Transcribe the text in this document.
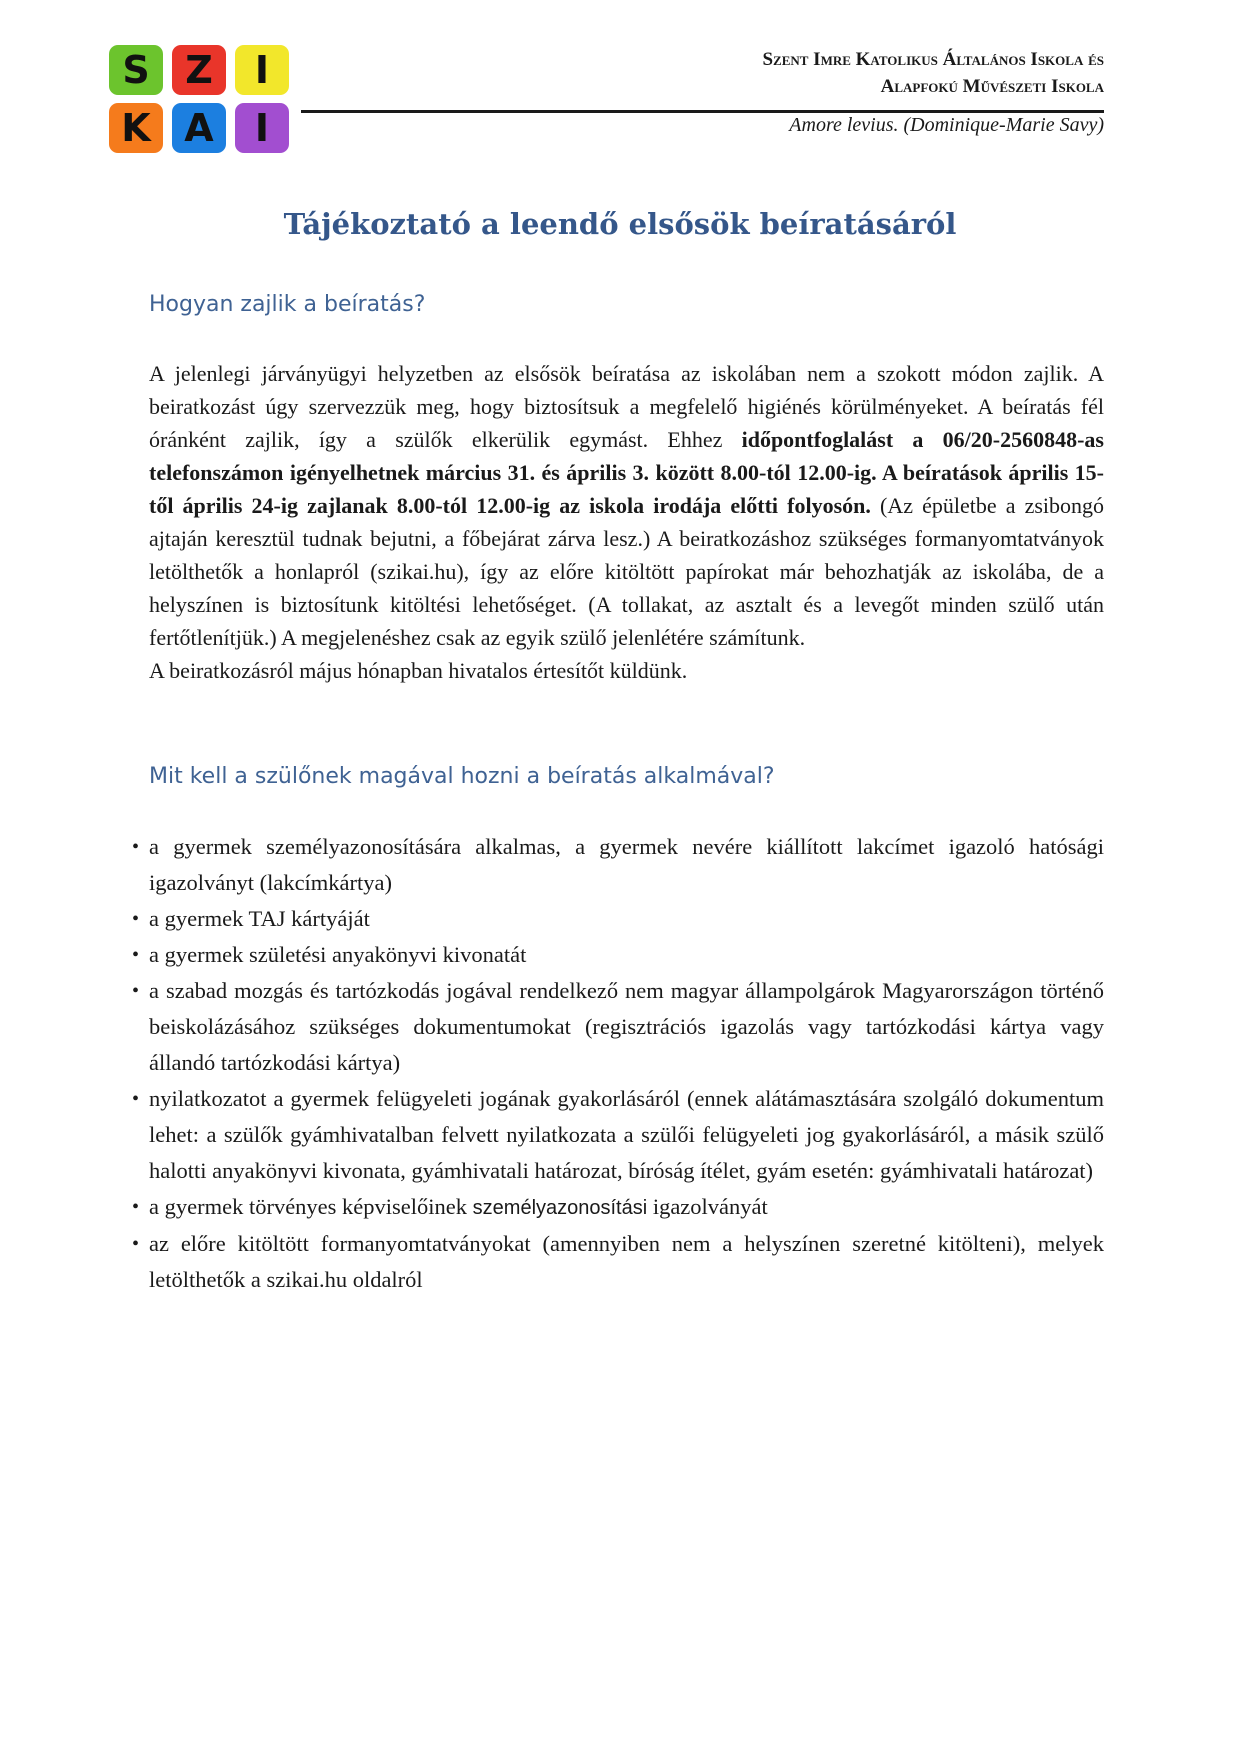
S Z	I
K A	I
Szent Imre Katolikus Általános Iskola és
Alapfokú Művészeti Iskola
Amore levius. (Dominique-Marie Savy)
Tájékoztató a leendő elsősök beíratásáról
Hogyan zajlik a beíratás?

A jelenlegi járványügyi helyzetben az elsősök beíratása az iskolában nem a szokott módon zajlik. A beiratkozást úgy szervezzük meg, hogy biztosítsuk a megfelelő higiénés körülményeket. A beíratás fél óránként zajlik, így a szülők elkerülik egymást. Ehhez időpontfoglalást a 06/20-2560848-as telefonszámon igényelhetnek március 31. és április 3. között 8.00-tól 12.00-ig. A beíratások április 15-től április 24-ig zajlanak 8.00-tól 12.00-ig az iskola irodája előtti folyosón. (Az épületbe a zsibongó ajtaján keresztül tudnak bejutni, a főbejárat zárva lesz.) A beiratkozáshoz szükséges formanyomtatványok letölthetők a honlapról (szikai.hu), így az előre kitöltött papírokat már behozhatják az iskolába, de a helyszínen is biztosítunk kitöltési lehetőséget. (A tollakat, az asztalt és a levegőt minden szülő után fertőtlenítjük.) A megjelenéshez csak az egyik szülő jelenlétére számítunk.
A beiratkozásról május hónapban hivatalos értesítőt küldünk.

Mit kell a szülőnek magával hozni a beíratás alkalmával?
• a gyermek személyazonosítására alkalmas, a gyermek nevére kiállított lakcímet igazoló hatósági igazolványt (lakcímkártya)
• a gyermek TAJ kártyáját
• a gyermek születési anyakönyvi kivonatát
• a szabad mozgás és tartózkodás jogával rendelkező nem magyar állampolgárok Magyarországon történő beiskolázásához szükséges dokumentumokat (regisztrációs igazolás vagy tartózkodási kártya vagy állandó tartózkodási kártya)
• nyilatkozatot a gyermek felügyeleti jogának gyakorlásáról (ennek alátámasztására szolgáló dokumentum lehet: a szülők gyámhivatalban felvett nyilatkozata a szülői felügyeleti jog gyakorlásáról, a másik szülő halotti anyakönyvi kivonata, gyámhivatali határozat, bíróság ítélet, gyám esetén: gyámhivatali határozat)
• a gyermek törvényes képviselőinek személyazonosítási igazolványát
• az előre kitöltött formanyomtatványokat (amennyiben nem a helyszínen szeretné kitölteni), melyek letölthetők a szikai.hu oldalról
